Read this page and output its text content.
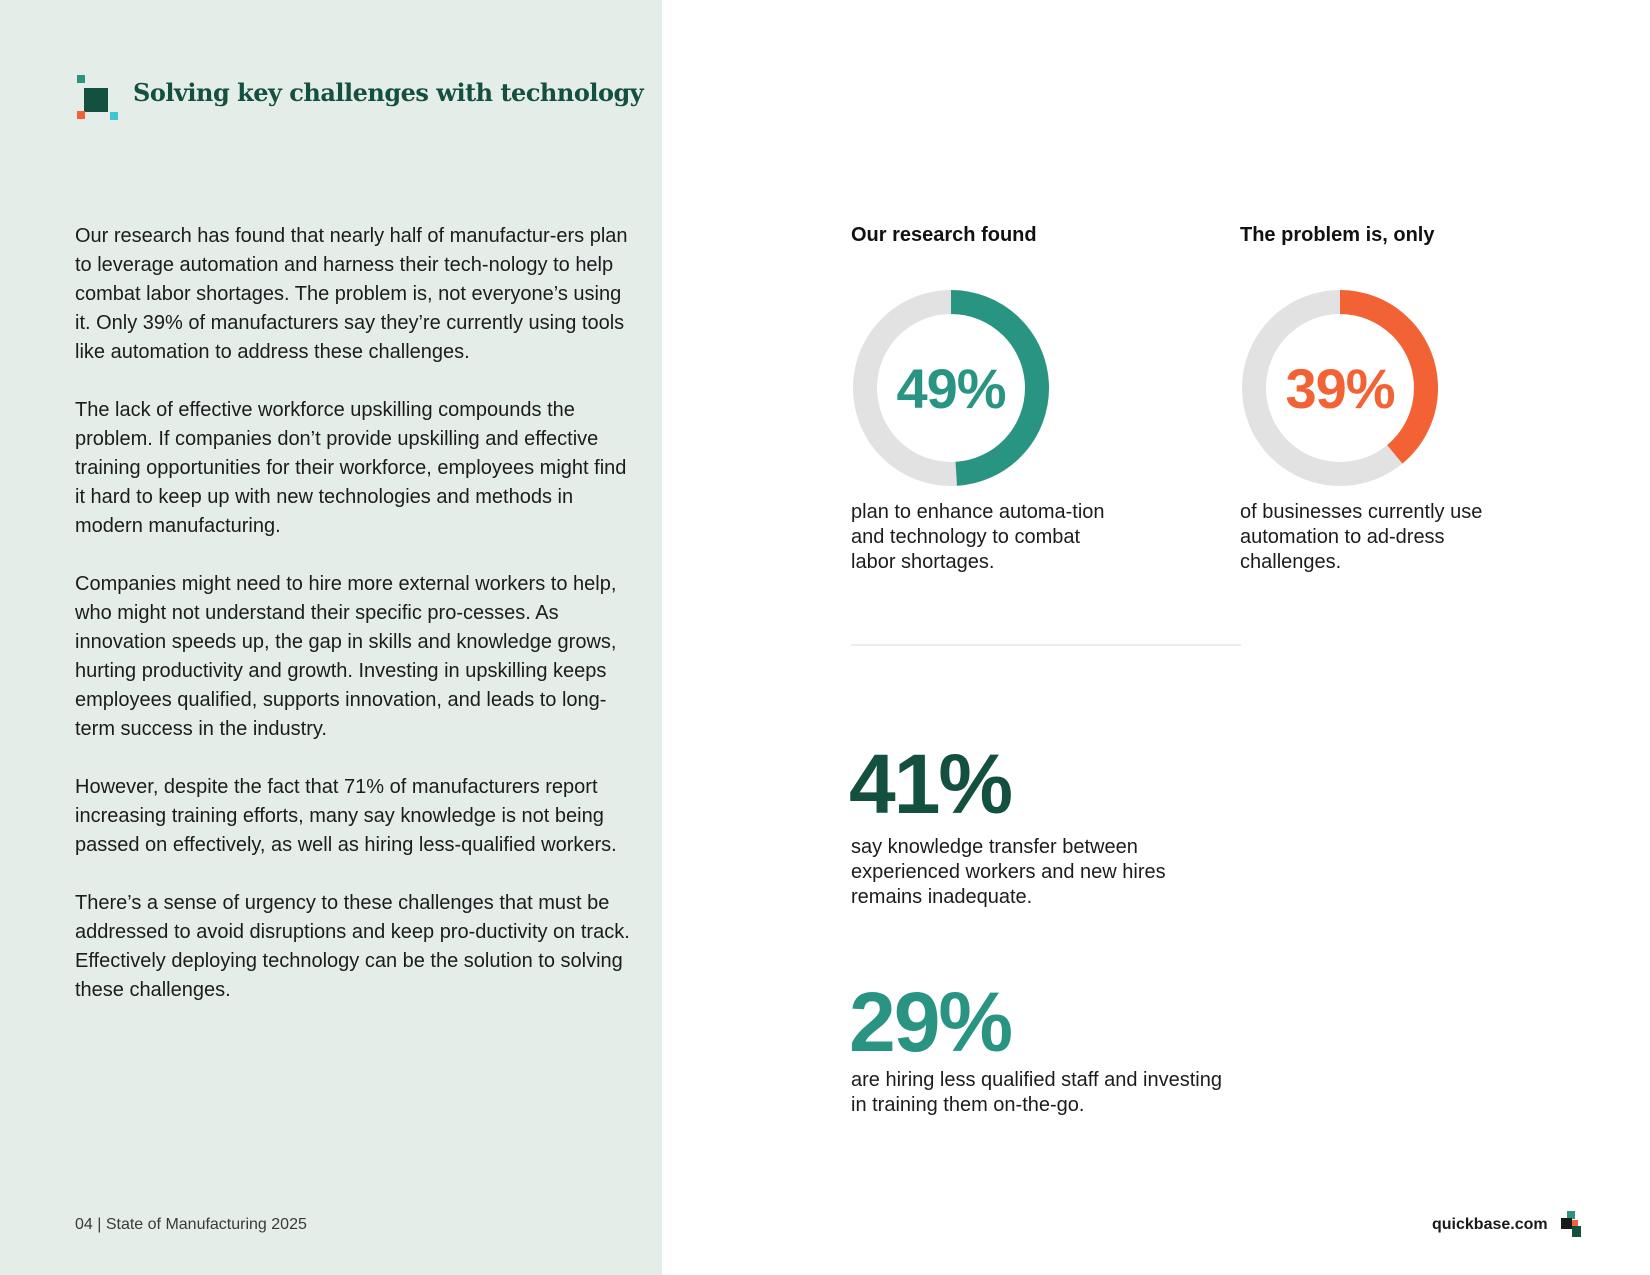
Solving key challenges with technology

Our research has found that nearly half of manufactur-ers plan to leverage automation and harness their tech-nology to help combat labor shortages. The problem is, not everyone’s using it. Only 39% of manufacturers say they’re currently using tools like automation to address these challenges.

The lack of effective workforce upskilling compounds the problem. If companies don’t provide upskilling and effective training opportunities for their workforce, employees might find it hard to keep up with new technologies and methods in modern manufacturing.

Companies might need to hire more external workers to help, who might not understand their specific pro-cesses. As innovation speeds up, the gap in skills and knowledge grows, hurting productivity and growth. Investing in upskilling keeps employees qualified, supports innovation, and leads to long-term success in the industry.

However, despite the fact that 71% of manufacturers report increasing training efforts, many say knowledge is not being passed on effectively, as well as hiring less-qualified workers.

There’s a sense of urgency to these challenges that must be addressed to avoid disruptions and keep pro-ductivity on track. Effectively deploying technology can be the solution to solving these challenges.

04 | State of Manufacturing 2025
Our research found
49%

plan to enhance automa-tion and technology to combat labor shortages.

The problem is, only
39%

of businesses currently use automation to ad-dress challenges.

41%

say knowledge transfer between experienced workers and new hires remains inadequate.

29%

are hiring less qualified staff and investing in training them on-the-go.

quickbase.com
